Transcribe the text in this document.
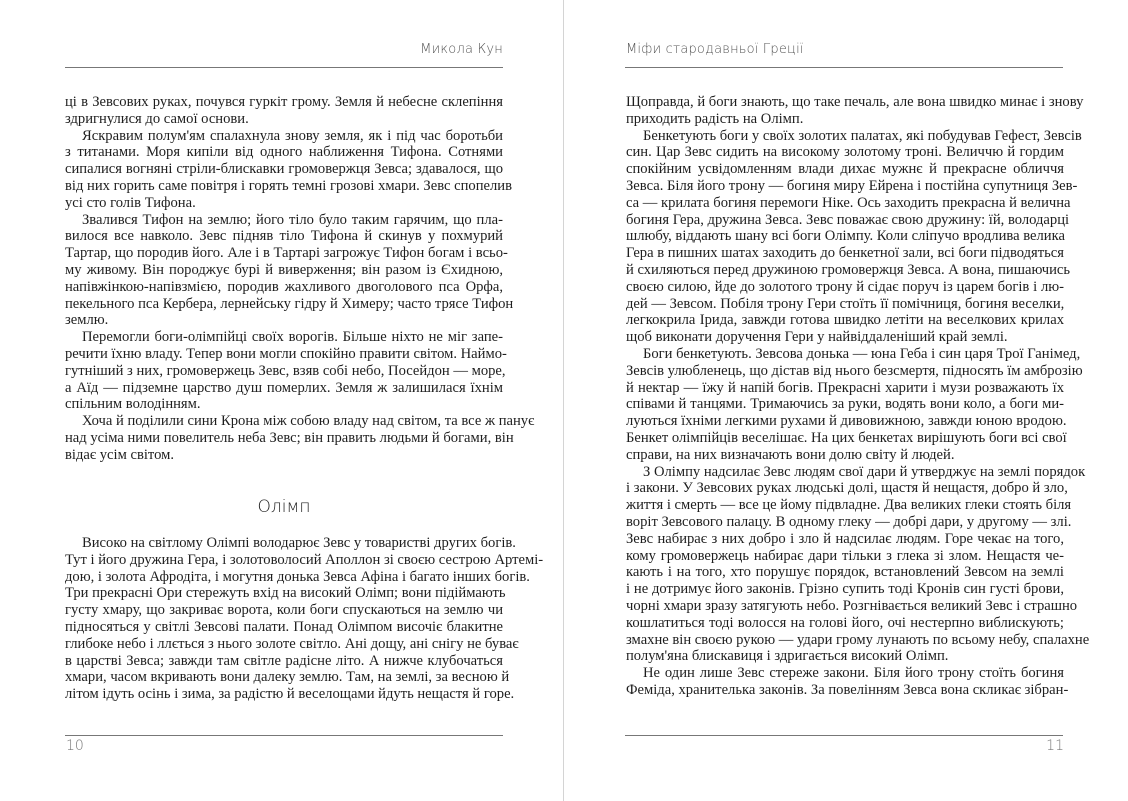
Микола Кун
ці в Зевсових руках, почувся гуркіт грому. Земля й небесне склепіння
здригнулися до самої основи.
Яскравим полум'ям спалахнула знову земля, як і під час боротьби
з титанами. Моря кипіли від одного наближення Тифона. Сотнями
сипалися вогняні стріли-блискавки громовержця Зевса; здавалося, що
від них горить саме повітря і горять темні грозові хмари. Зевс спопелив
усі сто голів Тифона.
Звалився Тифон на землю; його тіло було таким гарячим, що пла-
вилося все навколо. Зевс підняв тіло Тифона й скинув у похмурий
Тартар, що породив його. Але і в Тартарі загрожує Тифон богам і всьо-
му живому. Він породжує бурі й виверження; він разом із Єхидною,
напівжінкою-напівзмією, породив жахливого двоголового пса Орфа,
пекельного пса Кербера, лернейську гідру й Химеру; часто трясе Тифон
землю.
Перемогли боги-олімпійці своїх ворогів. Більше ніхто не міг запе-
речити їхню владу. Тепер вони могли спокійно правити світом. Наймо-
гутніший з них, громовержець Зевс, взяв собі небо, Посейдон — море,
а Аїд — підземне царство душ померлих. Земля ж залишилася їхнім
спільним володінням.
Хоча й поділили сини Крона між собою владу над світом, та все ж панує
над усіма ними повелитель неба Зевс; він править людьми й богами, він
відає усім світом.
Олімп
Високо на світлому Олімпі володарює Зевс у товаристві других богів.
Тут і його дружина Гера, і золотоволосий Аполлон зі своєю сестрою Артемі-
дою, і золота Афродіта, і могутня донька Зевса Афіна і багато інших богів.
Три прекрасні Ори стережуть вхід на високий Олімп; вони підіймають
густу хмару, що закриває ворота, коли боги спускаються на землю чи
підносяться у світлі Зевсові палати. Понад Олімпом височіє блакитне
глибоке небо і ллється з нього золоте світло. Ані дощу, ані снігу не буває
в царстві Зевса; завжди там світле радісне літо. А нижче клубочаться
хмари, часом вкривають вони далеку землю. Там, на землі, за весною й
літом ідуть осінь і зима, за радістю й веселощами йдуть нещастя й горе.
10
Міфи стародавньої Греції
Щоправда, й боги знають, що таке печаль, але вона швидко минає і знову
приходить радість на Олімп.
Бенкетують боги у своїх золотих палатах, які побудував Гефест, Зевсів
син. Цар Зевс сидить на високому золотому троні. Величчю й гордим
спокійним усвідомленням влади дихає мужнє й прекрасне обличчя
Зевса. Біля його трону — богиня миру Ейрена і постійна супутниця Зев-
са — крилата богиня перемоги Ніке. Ось заходить прекрасна й велична
богиня Гера, дружина Зевса. Зевс поважає свою дружину: їй, володарці
шлюбу, віддають шану всі боги Олімпу. Коли сліпучо вродлива велика
Гера в пишних шатах заходить до бенкетної зали, всі боги підводяться
й схиляються перед дружиною громовержця Зевса. А вона, пишаючись
своєю силою, йде до золотого трону й сідає поруч із царем богів і лю-
дей — Зевсом. Побіля трону Гери стоїть її помічниця, богиня веселки,
легкокрила Ірида, завжди готова швидко летіти на веселкових крилах
щоб виконати доручення Гери у найвіддаленіший край землі.
Боги бенкетують. Зевсова донька — юна Геба і син царя Трої Ганімед,
Зевсів улюбленець, що дістав від нього безсмертя, підносять їм амброзію
й нектар — їжу й напій богів. Прекрасні харити і музи розважають їх
співами й танцями. Тримаючись за руки, водять вони коло, а боги ми-
луються їхніми легкими рухами й дивовижною, завжди юною вродою.
Бенкет олімпійців веселішає. На цих бенкетах вирішують боги всі свої
справи, на них визначають вони долю світу й людей.
З Олімпу надсилає Зевс людям свої дари й утверджує на землі порядок
і закони. У Зевсових руках людські долі, щастя й нещастя, добро й зло,
життя і смерть — все це йому підвладне. Два великих глеки стоять біля
воріт Зевсового палацу. В одному глеку — добрі дари, у другому — злі.
Зевс набирає з них добро і зло й надсилає людям. Горе чекає на того,
кому громовержець набирає дари тільки з глека зі злом. Нещастя че-
кають і на того, хто порушує порядок, встановлений Зевсом на землі
і не дотримує його законів. Грізно супить тоді Кронів син густі брови,
чорні хмари зразу затягують небо. Розгнівається великий Зевс і страшно
кошлатиться тоді волосся на голові його, очі нестерпно виблискують;
змахне він своєю рукою — удари грому лунають по всьому небу, спалахне
полум'яна блискавиця і здригається високий Олімп.
Не один лише Зевс стереже закони. Біля його трону стоїть богиня
Феміда, хранителька законів. За повелінням Зевса вона скликає зібран-
11
